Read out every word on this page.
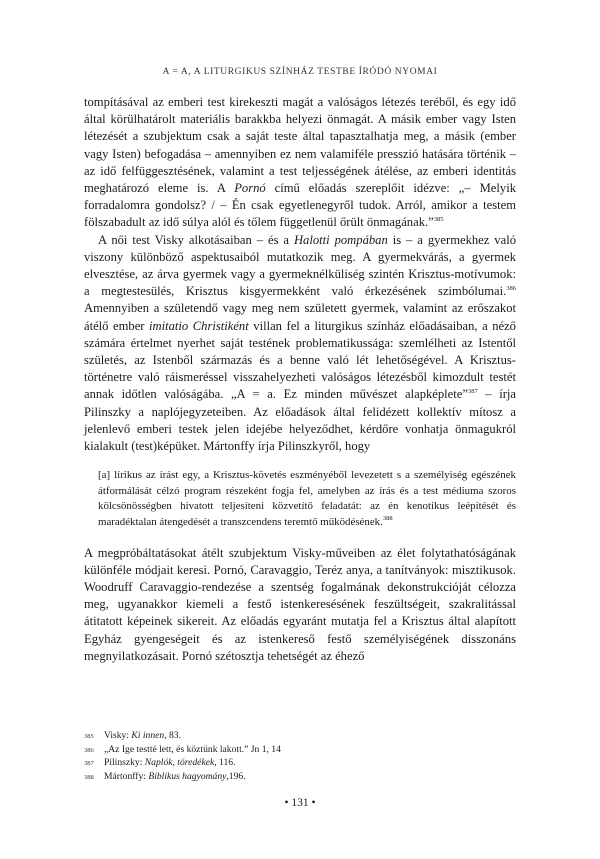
A = A, A LITURGIKUS SZÍNHÁZ TESTBE ÍRÓDÓ NYOMAI

tompításával az emberi test kirekeszti magát a valóságos létezés teréből, és egy idő által körülhatárolt materiális barakkba helyezi önmagát. A másik ember vagy Isten létezését a szubjektum csak a saját teste által tapasztalhatja meg, a másik (ember vagy Isten) befogadása – amennyiben ez nem valamiféle presszió hatására történik – az idő felfüggesztésének, valamint a test teljességének átélése, az emberi identitás meghatározó eleme is. A Pornó című előadás szereplőit idézve: „– Melyik forradalomra gondolsz? / – Én csak egyetlenegyről tudok. Arról, amikor a testem fölszabadult az idő súlya alól és tőlem függetlenül őrült önmagának.”$^{385}$

A női test Visky alkotásaiban – és a Halotti pompában is – a gyermekhez való viszony különböző aspektusaiból mutatkozik meg. A gyermekvárás, a gyermek elvesztése, az árva gyermek vagy a gyermeknélküliség szintén Krisztus-motívumok: a megtestesülés, Krisztus kisgyermekként való érkezésének szimbólumai.$^{386}$ Amennyiben a születendő vagy meg nem született gyermek, valamint az erőszakot átélő ember imitatio Christiként villan fel a liturgikus színház előadásaiban, a néző számára értelmet nyerhet saját testének problematikussága: szemlélheti az Istentől születés, az Istenből származás és a benne való lét lehetőségével. A Krisztus-történetre való ráismeréssel visszahelyezheti valóságos létezésből kimozdult testét annak időtlen valóságába. „A = a. Ez minden művészet alapképlete”$^{387}$ – írja Pilinszky a naplójegyzeteiben. Az előadások által felidézett kollektív mítosz a jelenlevő emberi testek jelen idejébe helyeződhet, kérdőre vonhatja önmagukról kialakult (test)képüket. Mártonffy írja Pilinszkyről, hogy

[a] lírikus az írást egy, a Krisztus-követés eszményéből levezetett s a személyiség egészének átformálását célzó program részeként fogja fel, amelyben az írás és a test médiuma szoros kölcsönösségben hivatott teljesíteni közvetítő feladatát: az én kenotikus leépítését és maradéktalan átengedését a transzcendens teremtő működésének.$^{388}$

A megpróbáltatásokat átélt szubjektum Visky-műveiben az élet folytathatóságának különféle módjait keresi. Pornó, Caravaggio, Teréz anya, a tanítványok: misztikusok. Woodruff Caravaggio-rendezése a szentség fogalmának dekonstrukcióját célozza meg, ugyanakkor kiemeli a festő istenkeresésének feszültségeit, szakralitással átitatott képeinek sikereit. Az előadás egyaránt mutatja fel a Krisztus által alapított Egyház gyengeségeit és az istenkereső festő személyiségének disszonáns megnyilatkozásait. Pornó szétosztja tehetségét az éhező

385	Visky: Ki innen, 83.
386	„Az Ige testté lett, és köztünk lakott.” Jn 1, 14
387	Pilinszky: Naplók, töredékek, 116.
388	Mártonffy: Biblikus hagyomány,196.
• 131 •
